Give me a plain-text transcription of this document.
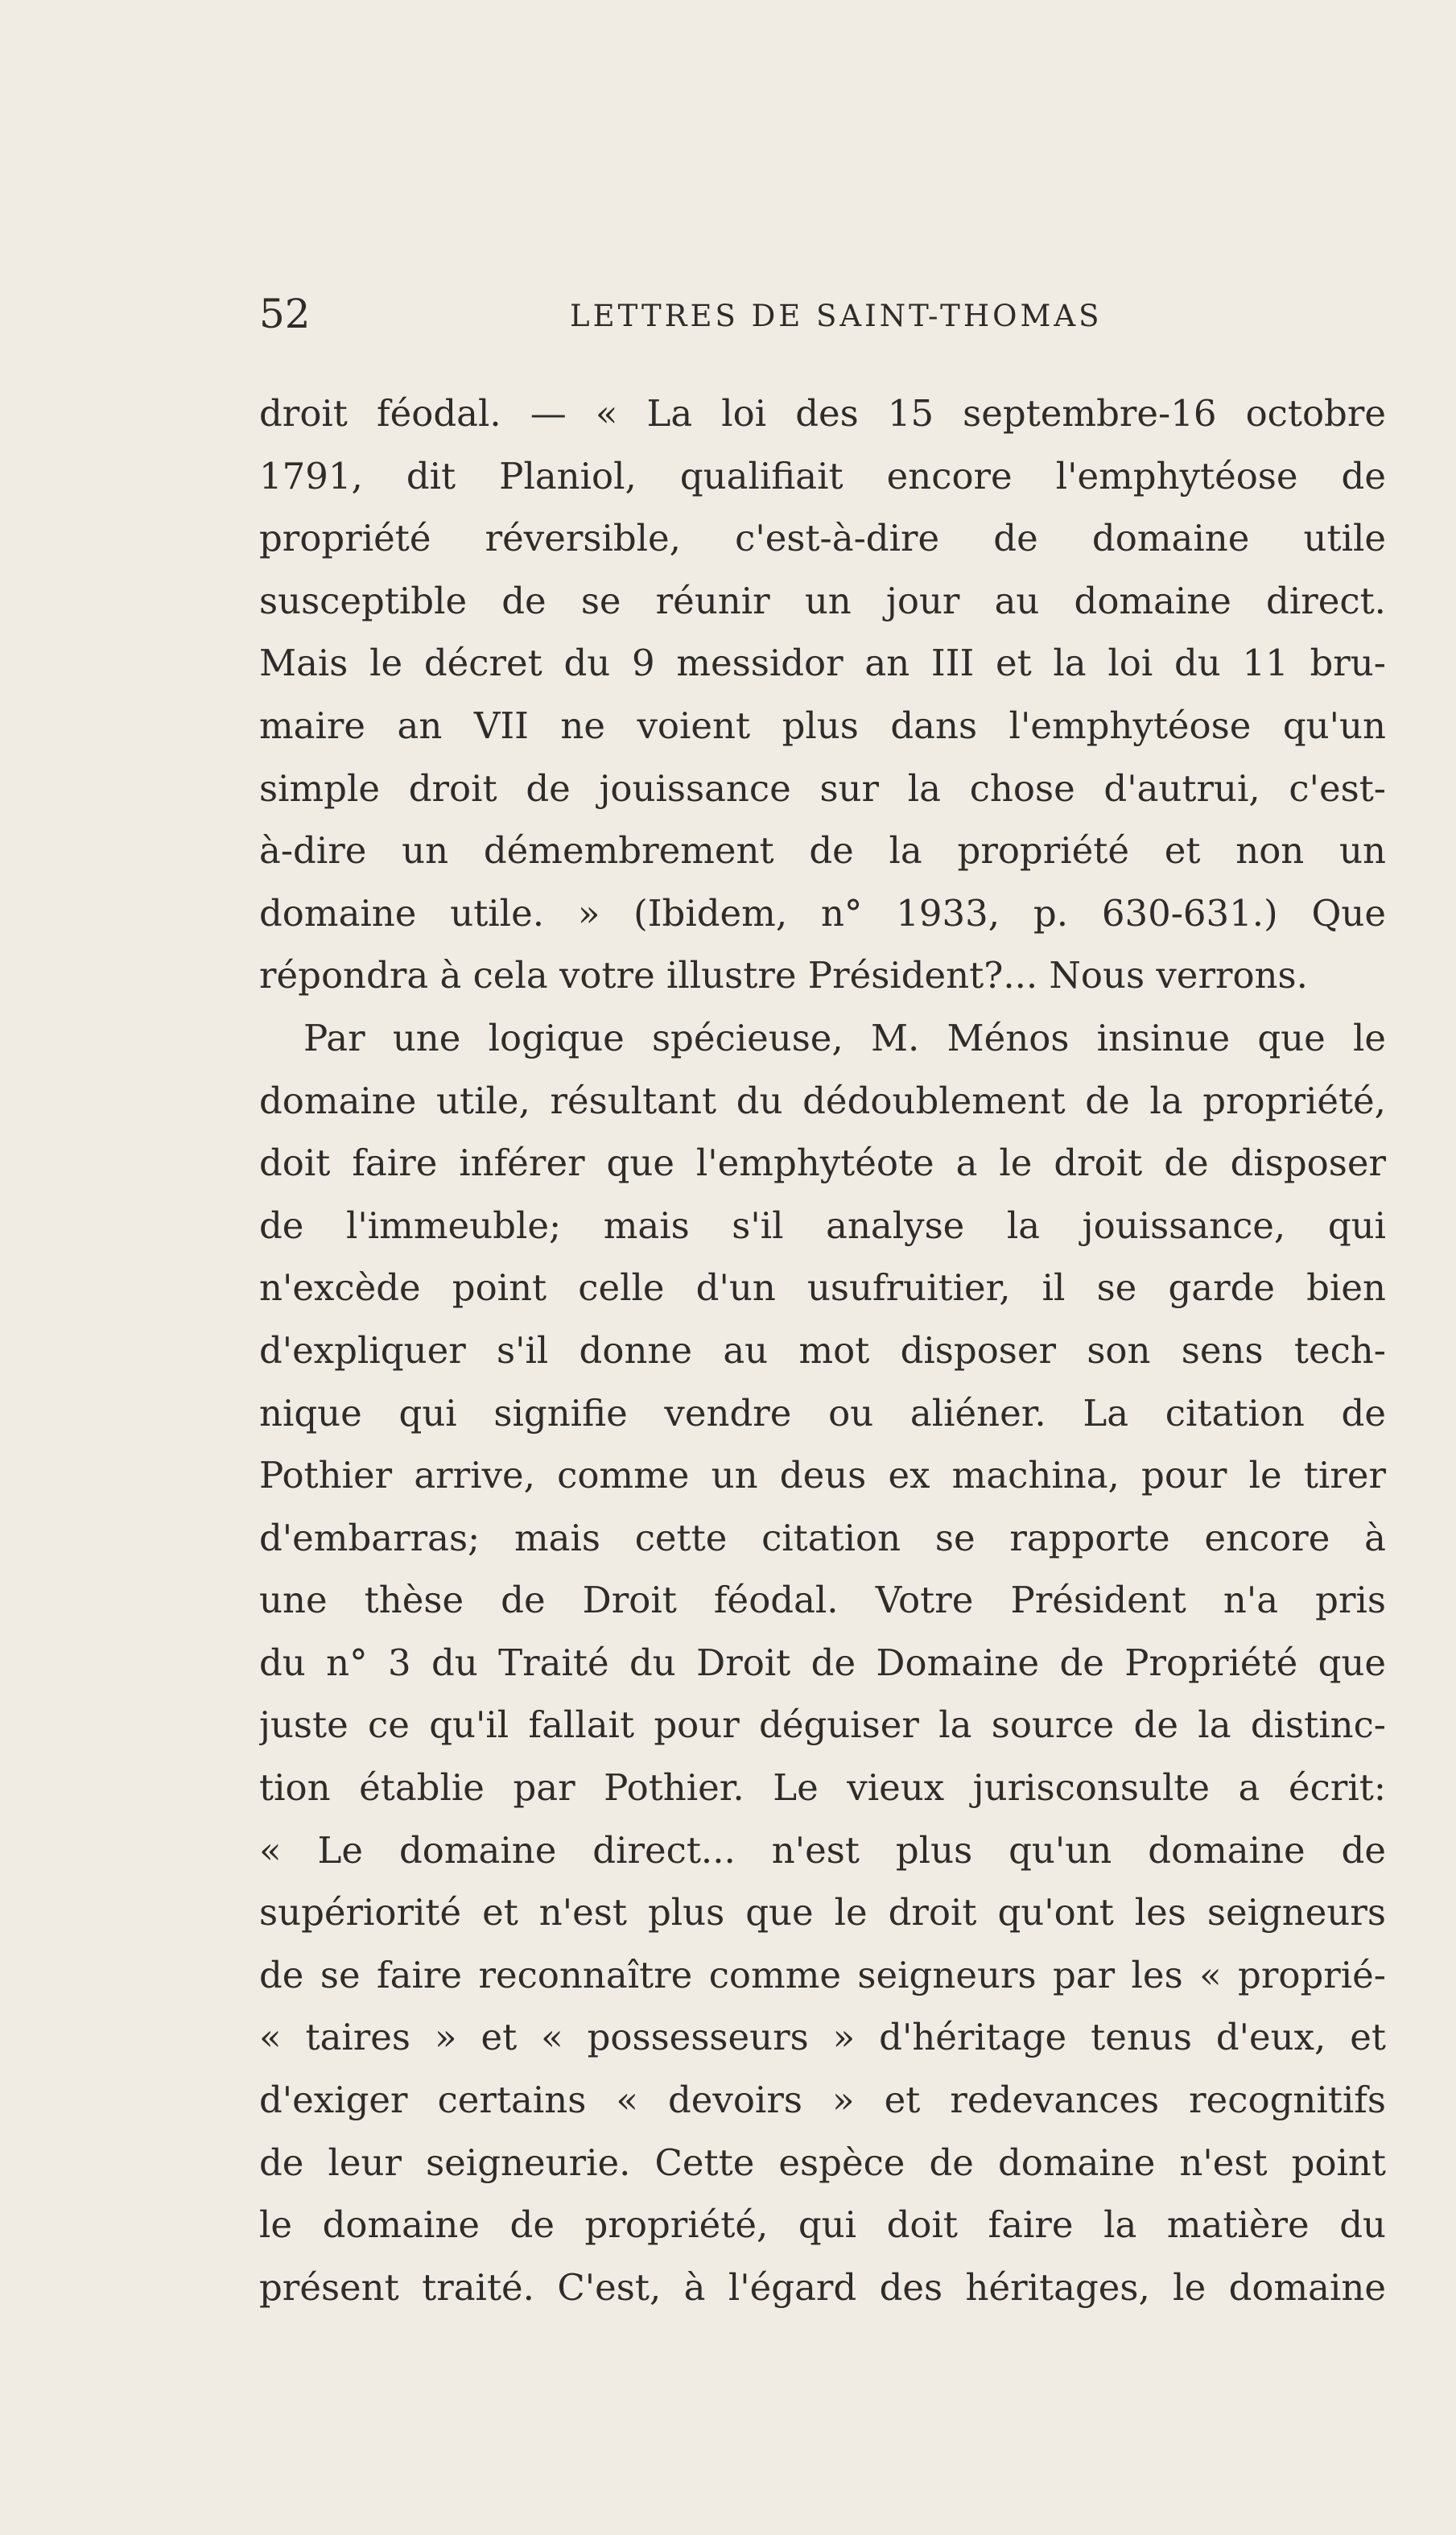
52	LETTRES DE SAINT-THOMAS
droit féodal. — « La loi des 15 septembre-16 octobre
1791, dit Planiol, qualifiait encore l'emphytéose de
propriété réversible, c'est-à-dire de domaine utile
susceptible de se réunir un jour au domaine direct.
Mais le décret du 9 messidor an III et la loi du 11 bru-
maire an VII ne voient plus dans l'emphytéose qu'un
simple droit de jouissance sur la chose d'autrui, c'est-
à-dire un démembrement de la propriété et non un
domaine utile. » (Ibidem, n° 1933, p. 630-631.) Que
répondra à cela votre illustre Président?... Nous verrons.
Par une logique spécieuse, M. Ménos insinue que le
domaine utile, résultant du dédoublement de la propriété,
doit faire inférer que l'emphytéote a le droit de disposer
de l'immeuble; mais s'il analyse la jouissance, qui
n'excède point celle d'un usufruitier, il se garde bien
d'expliquer s'il donne au mot disposer son sens tech-
nique qui signifie vendre ou aliéner. La citation de
Pothier arrive, comme un deus ex machina, pour le tirer
d'embarras; mais cette citation se rapporte encore à
une thèse de Droit féodal. Votre Président n'a pris
du n° 3 du Traité du Droit de Domaine de Propriété que
juste ce qu'il fallait pour déguiser la source de la distinc-
tion établie par Pothier. Le vieux jurisconsulte a écrit:
« Le domaine direct... n'est plus qu'un domaine de
supériorité et n'est plus que le droit qu'ont les seigneurs
de se faire reconnaître comme seigneurs par les « proprié-
« taires » et « possesseurs » d'héritage tenus d'eux, et
d'exiger certains « devoirs » et redevances recognitifs
de leur seigneurie. Cette espèce de domaine n'est point
le domaine de propriété, qui doit faire la matière du
présent traité. C'est, à l'égard des héritages, le domaine
